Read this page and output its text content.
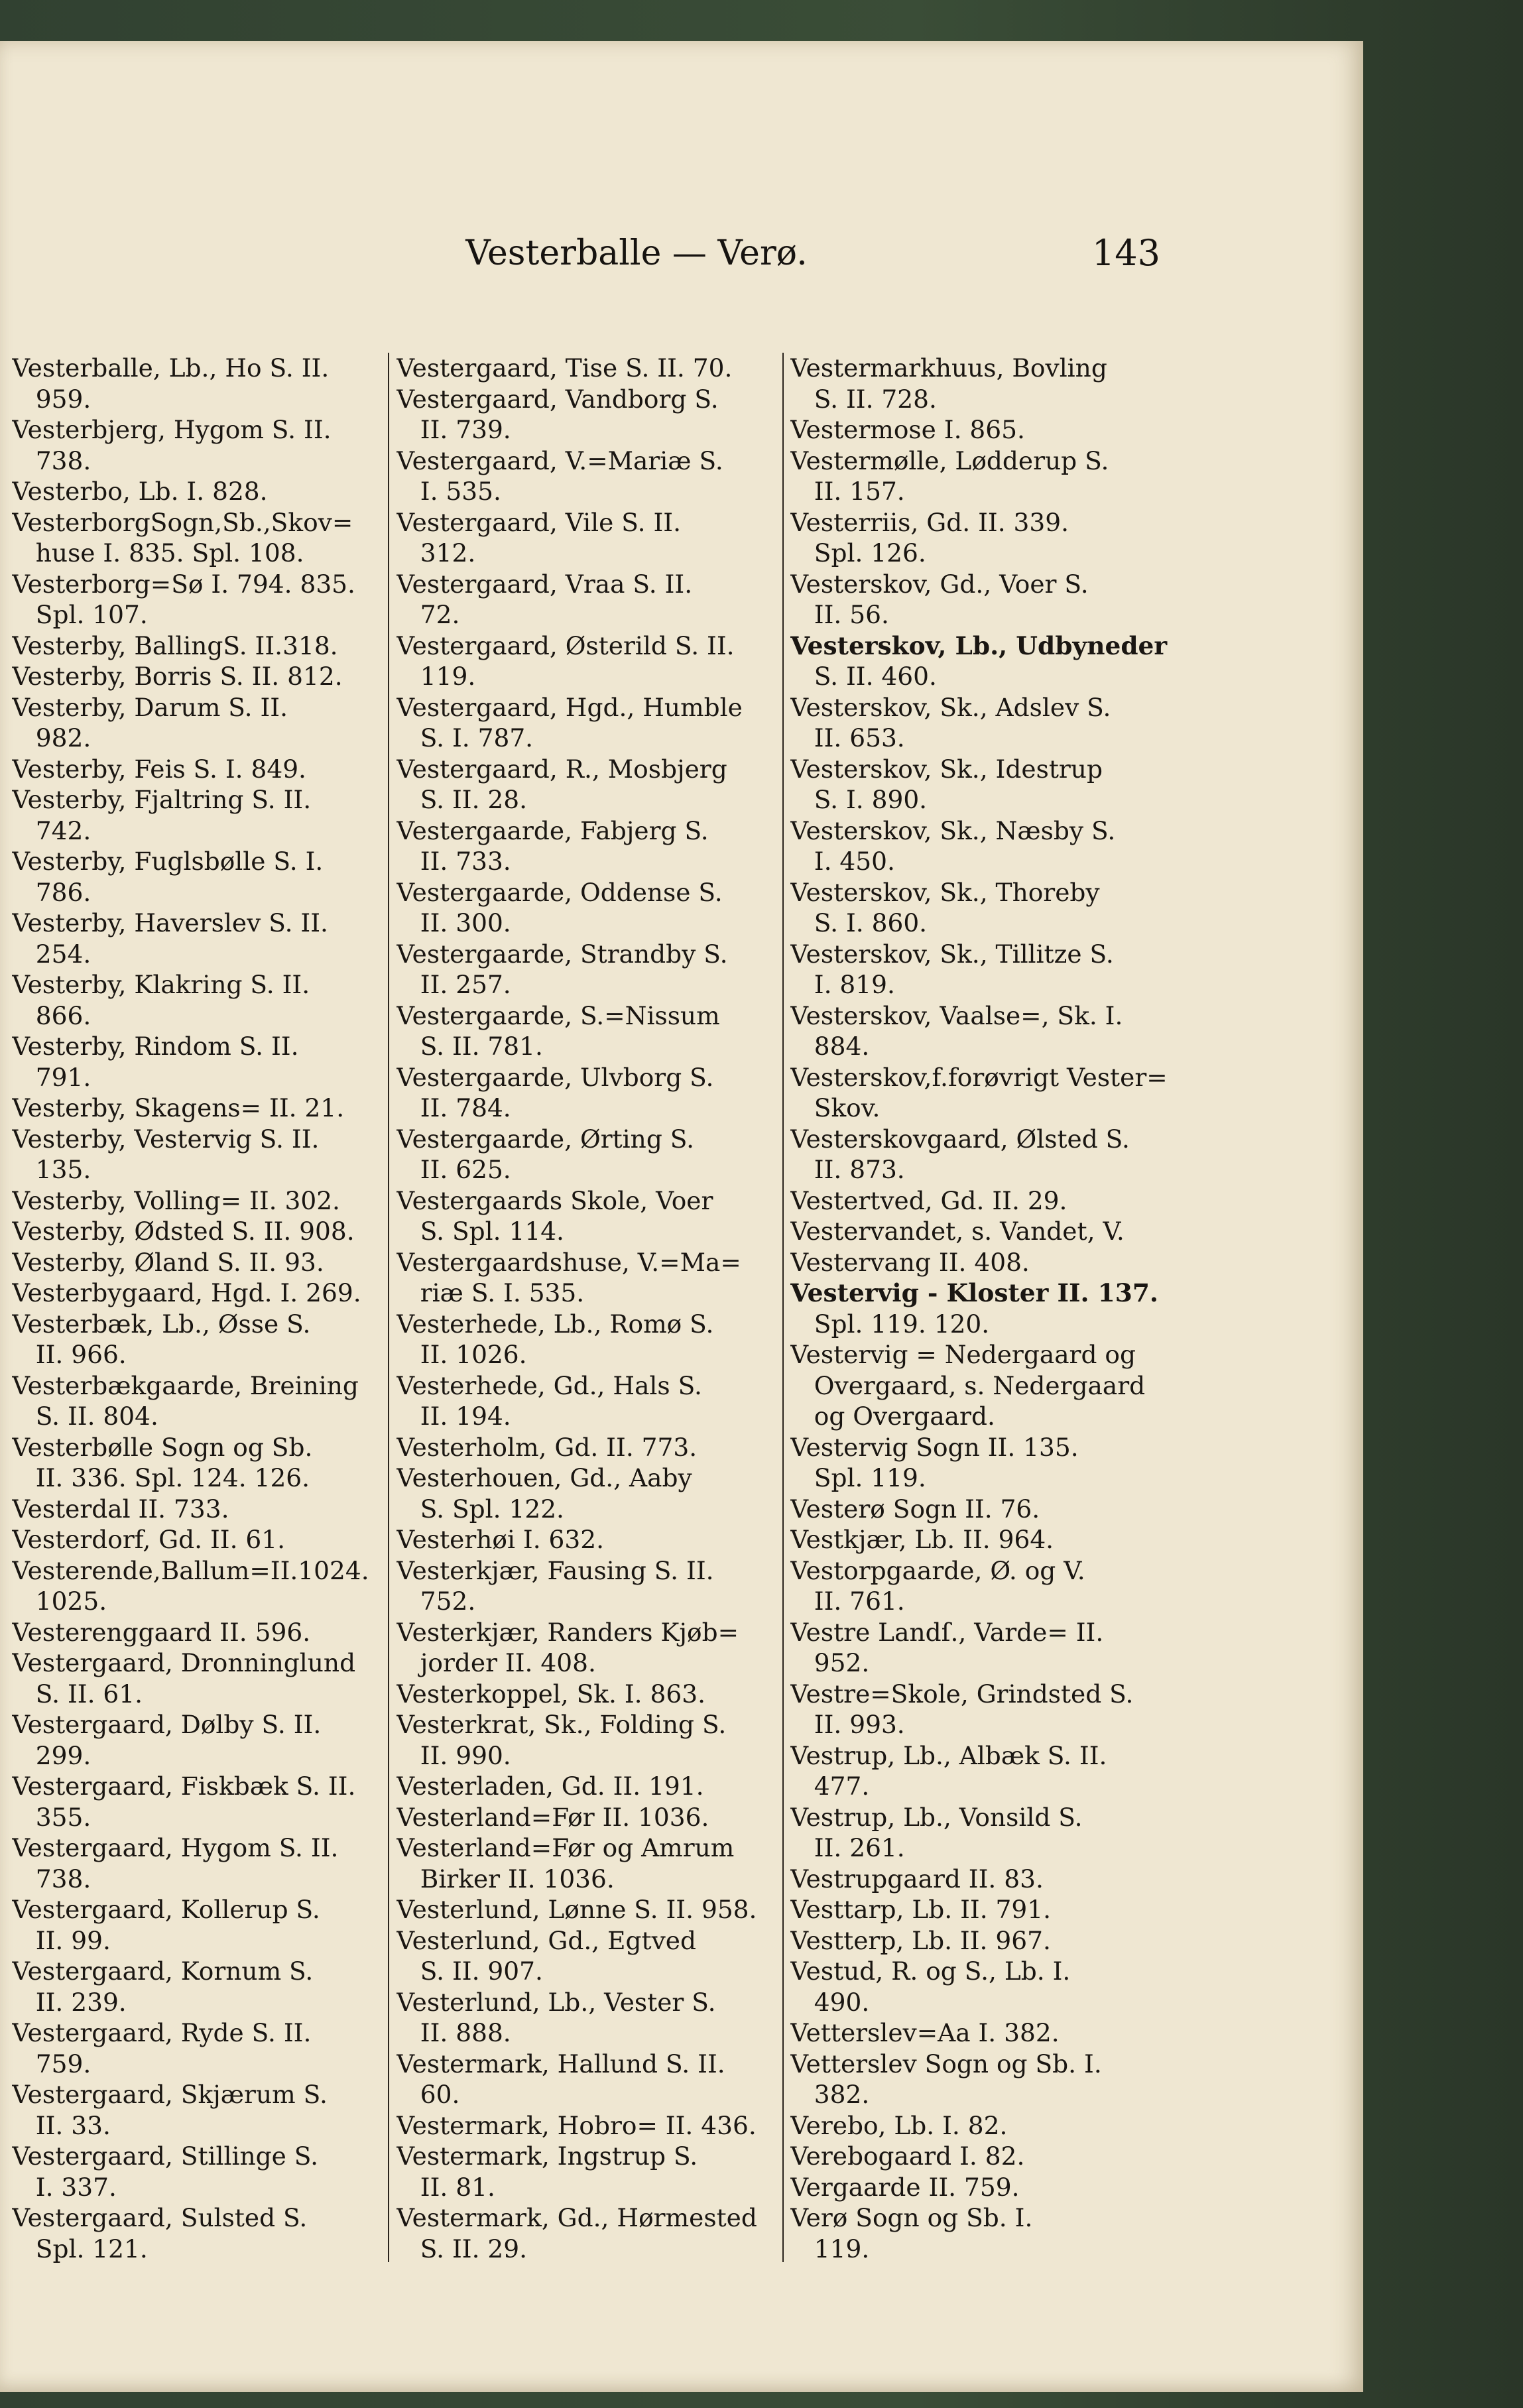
Vesterballe — Verø.	143
Vesterballe, Lb., Ho S. II.
959.
Vesterbjerg, Hygom S. II.
738.
Vesterbo, Lb. I. 828.
VesterborgSogn,Sb.,Skov=
huse I. 835. Spl. 108.
Vesterborg=Sø I. 794. 835.
Spl. 107.
Vesterby, BallingS. II.318.
Vesterby, Borris S. II. 812.
Vesterby, Darum S. II.
982.
Vesterby, Feis S. I. 849.
Vesterby, Fjaltring S. II.
742.
Vesterby, Fuglsbølle S. I.
786.
Vesterby, Haverslev S. II.
254.
Vesterby, Klakring S. II.
866.
Vesterby, Rindom S. II.
791.
Vesterby, Skagens= II. 21.
Vesterby, Vestervig S. II.
135.
Vesterby, Volling= II. 302.
Vesterby, Ødsted S. II. 908.
Vesterby, Øland S. II. 93.
Vesterbygaard, Hgd. I. 269.
Vesterbæk, Lb., Øsse S.
II. 966.
Vesterbækgaarde, Breining
S. II. 804.
Vesterbølle Sogn og Sb.
II. 336. Spl. 124. 126.
Vesterdal II. 733.
Vesterdorf, Gd. II. 61.
Vesterende,Ballum=II.1024.
1025.
Vesterenggaard II. 596.
Vestergaard, Dronninglund
S. II. 61.
Vestergaard, Dølby S. II.
299.
Vestergaard, Fiskbæk S. II.
355.
Vestergaard, Hygom S. II.
738.
Vestergaard, Kollerup S.
II. 99.
Vestergaard, Kornum S.
II. 239.
Vestergaard, Ryde S. II.
759.
Vestergaard, Skjærum S.
II. 33.
Vestergaard, Stillinge S.
I. 337.
Vestergaard, Sulsted S.
Spl. 121.
Vestergaard, Tise S. II. 70.
Vestergaard, Vandborg S.
II. 739.
Vestergaard, V.=Mariæ S.
I. 535.
Vestergaard, Vile S. II.
312.
Vestergaard, Vraa S. II.
72.
Vestergaard, Østerild S. II.
119.
Vestergaard, Hgd., Humble
S. I. 787.
Vestergaard, R., Mosbjerg
S. II. 28.
Vestergaarde, Fabjerg S.
II. 733.
Vestergaarde, Oddense S.
II. 300.
Vestergaarde, Strandby S.
II. 257.
Vestergaarde, S.=Nissum
S. II. 781.
Vestergaarde, Ulvborg S.
II. 784.
Vestergaarde, Ørting S.
II. 625.
Vestergaards Skole, Voer
S. Spl. 114.
Vestergaardshuse, V.=Ma=
riæ S. I. 535.
Vesterhede, Lb., Romø S.
II. 1026.
Vesterhede, Gd., Hals S.
II. 194.
Vesterholm, Gd. II. 773.
Vesterhouen, Gd., Aaby
S. Spl. 122.
Vesterhøi I. 632.
Vesterkjær, Fausing S. II.
752.
Vesterkjær, Randers Kjøb=
jorder II. 408.
Vesterkoppel, Sk. I. 863.
Vesterkrat, Sk., Folding S.
II. 990.
Vesterladen, Gd. II. 191.
Vesterland=Før II. 1036.
Vesterland=Før og Amrum
Birker II. 1036.
Vesterlund, Lønne S. II. 958.
Vesterlund, Gd., Egtved
S. II. 907.
Vesterlund, Lb., Vester S.
II. 888.
Vestermark, Hallund S. II.
60.
Vestermark, Hobro= II. 436.
Vestermark, Ingstrup S.
II. 81.
Vestermark, Gd., Hørmested
S. II. 29.
Vestermarkhuus, Bovling
S. II. 728.
Vestermose I. 865.
Vestermølle, Lødderup S.
II. 157.
Vesterriis, Gd. II. 339.
Spl. 126.
Vesterskov, Gd., Voer S.
II. 56.
Vesterskov, Lb., Udbyneder
S. II. 460.
Vesterskov, Sk., Adslev S.
II. 653.
Vesterskov, Sk., Idestrup
S. I. 890.
Vesterskov, Sk., Næsby S.
I. 450.
Vesterskov, Sk., Thoreby
S. I. 860.
Vesterskov, Sk., Tillitze S.
I. 819.
Vesterskov, Vaalse=, Sk. I.
884.
Vesterskov,f.forøvrigt Vester=
Skov.
Vesterskovgaard, Ølsted S.
II. 873.
Vestertved, Gd. II. 29.
Vestervandet, s. Vandet, V.
Vestervang II. 408.
Vestervig - Kloster II. 137.
Spl. 119. 120.
Vestervig = Nedergaard og
Overgaard, s. Nedergaard
og Overgaard.
Vestervig Sogn II. 135.
Spl. 119.
Vesterø Sogn II. 76.
Vestkjær, Lb. II. 964.
Vestorpgaarde, Ø. og V.
II. 761.
Vestre Landſ., Varde= II.
952.
Vestre=Skole, Grindsted S.
II. 993.
Vestrup, Lb., Albæk S. II.
477.
Vestrup, Lb., Vonsild S.
II. 261.
Vestrupgaard II. 83.
Vesttarp, Lb. II. 791.
Vestterp, Lb. II. 967.
Vestud, R. og S., Lb. I.
490.
Vetterslev=Aa I. 382.
Vetterslev Sogn og Sb. I.
382.
Verebo, Lb. I. 82.
Verebogaard I. 82.
Vergaarde II. 759.
Verø Sogn og Sb. I.
119.
